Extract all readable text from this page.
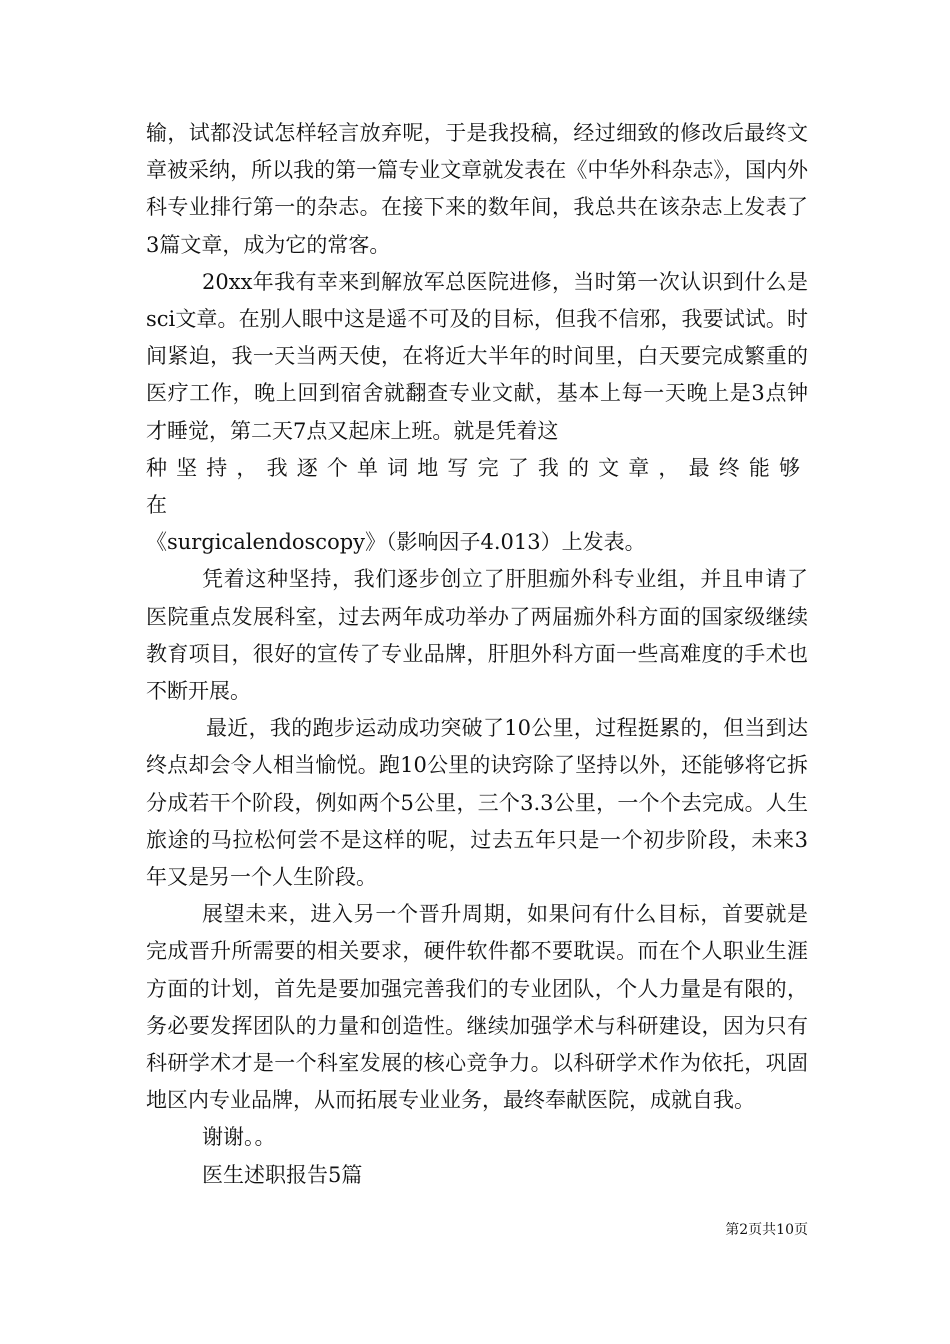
输，试都没试怎样轻言放弃呢，于是我投稿，经过细致的修改后最终文章被采纳，所以我的第一篇专业文章就发表在《中华外科杂志》，国内外科专业排行第一的杂志。在接下来的数年间，我总共在该杂志上发表了3篇文章，成为它的常客。

20xx年我有幸来到解放军总医院进修，当时第一次认识到什么是sci文章。在别人眼中这是遥不可及的目标，但我不信邪，我要试试。时间紧迫，我一天当两天使，在将近大半年的时间里，白天要完成繁重的医疗工作，晚上回到宿舍就翻查专业文献，基本上每一天晚上是3点钟才睡觉，第二天7点又起床上班。就是凭着这

种坚持，我逐个单词地写完了我的文章，最终能够在

《surgicalendoscopy》（影响因子4.013）上发表。

凭着这种坚持，我们逐步创立了肝胆痂外科专业组，并且申请了医院重点发展科室，过去两年成功举办了两届痂外科方面的国家级继续教育项目，很好的宣传了专业品牌，肝胆外科方面一些高难度的手术也不断开展。

最近，我的跑步运动成功突破了10公里，过程挺累的，但当到达终点却会令人相当愉悦。跑10公里的诀窍除了坚持以外，还能够将它拆分成若干个阶段，例如两个5公里，三个3.3公里，一个个去完成。人生旅途的马拉松何尝不是这样的呢，过去五年只是一个初步阶段，未来3年又是另一个人生阶段。

展望未来，进入另一个晋升周期，如果问有什么目标，首要就是完成晋升所需要的相关要求，硬件软件都不要耽误。而在个人职业生涯方面的计划，首先是要加强完善我们的专业团队，个人力量是有限的，务必要发挥团队的力量和创造性。继续加强学术与科研建设，因为只有科研学术才是一个科室发展的核心竞争力。以科研学术作为依托，巩固地区内专业品牌，从而拓展专业业务，最终奉献医院，成就自我。

谢谢。。

医生述职报告5篇

第2页共10页
